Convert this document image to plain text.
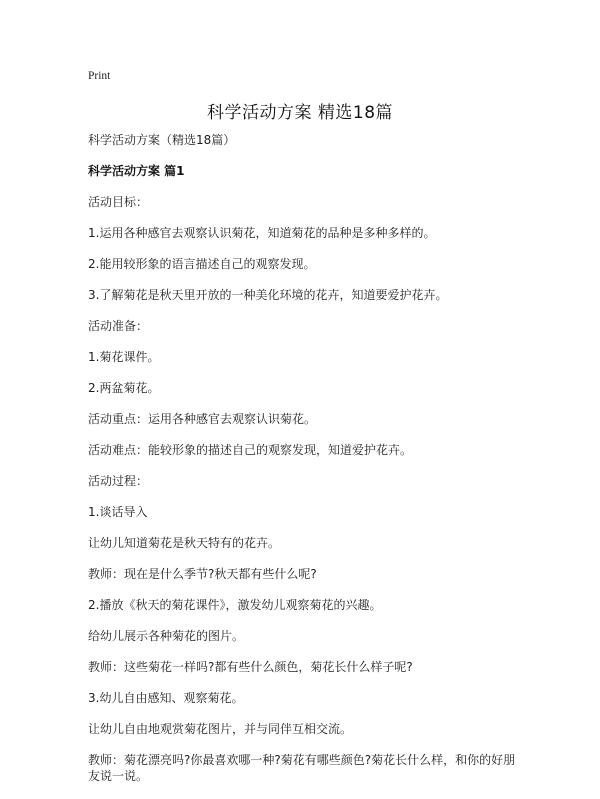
Print
科学活动方案 精选18篇

科学活动方案（精选18篇）

科学活动方案 篇1

活动目标：

1.运用各种感官去观察认识菊花，知道菊花的品种是多种多样的。

2.能用较形象的语言描述自己的观察发现。

3.了解菊花是秋天里开放的一种美化环境的花卉，知道要爱护花卉。

活动准备：

1.菊花课件。

2.两盆菊花。

活动重点：运用各种感官去观察认识菊花。

活动难点：能较形象的描述自己的观察发现，知道爱护花卉。

活动过程：

1.谈话导入

让幼儿知道菊花是秋天特有的花卉。

教师：现在是什么季节?秋天都有些什么呢?

2.播放《秋天的菊花课件》，激发幼儿观察菊花的兴趣。

给幼儿展示各种菊花的图片。

教师：这些菊花一样吗?都有些什么颜色，菊花长什么样子呢?

3.幼儿自由感知、观察菊花。

让幼儿自由地观赏菊花图片，并与同伴互相交流。

教师：菊花漂亮吗?你最喜欢哪一种?菊花有哪些颜色?菊花长什么样，和你的好朋友说一说。
